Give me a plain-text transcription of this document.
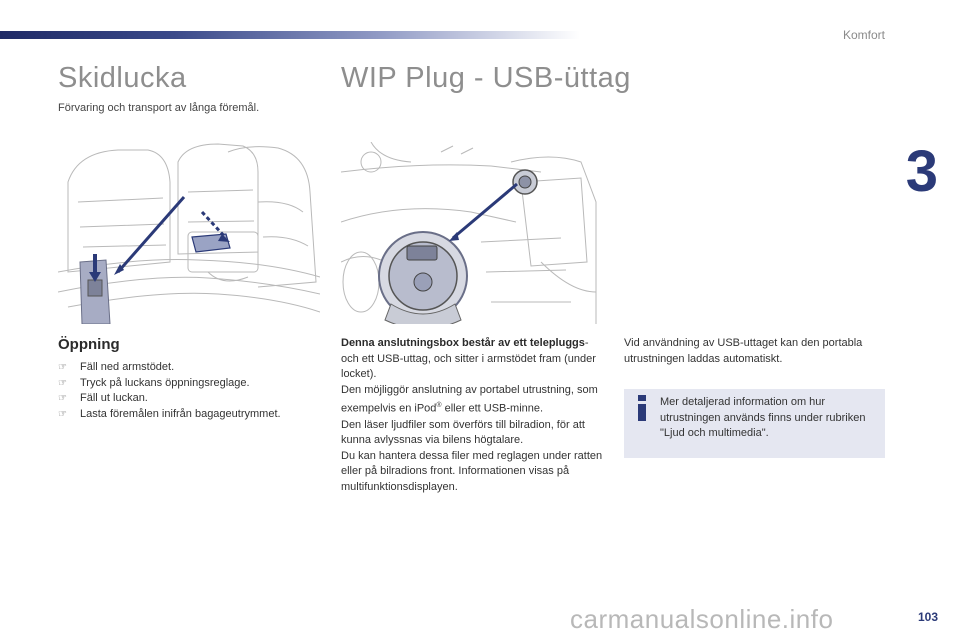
Komfort
3
Skidlucka	WIP Plug - USB-üttag
Förvaring och transport av långa föremål.
Öppning
☞	Fäll ned armstödet.
☞	Tryck på luckans öppningsreglage.
☞	Fäll ut luckan.
☞	Lasta föremålen inifrån bagageutrymmet.

Denna anslutningsbox består av ett telepluggs-
och ett USB-uttag, och sitter i armstödet fram (under locket).

Den möjliggör anslutning av portabel utrustning, som exempelvis en iPod® eller ett USB-minne.

Den läser ljudfiler som överförs till bilradion, för att kunna avlyssnas via bilens högtalare.

Du kan hantera dessa filer med reglagen under ratten eller på bilradions front. Informationen visas på multifunktionsdisplayen.

Vid användning av USB-uttaget kan den portabla utrustningen laddas automatiskt.

Mer detaljerad information om hur utrustningen används finns under rubriken "Ljud och multimedia".

carmanualsonline.info	103
